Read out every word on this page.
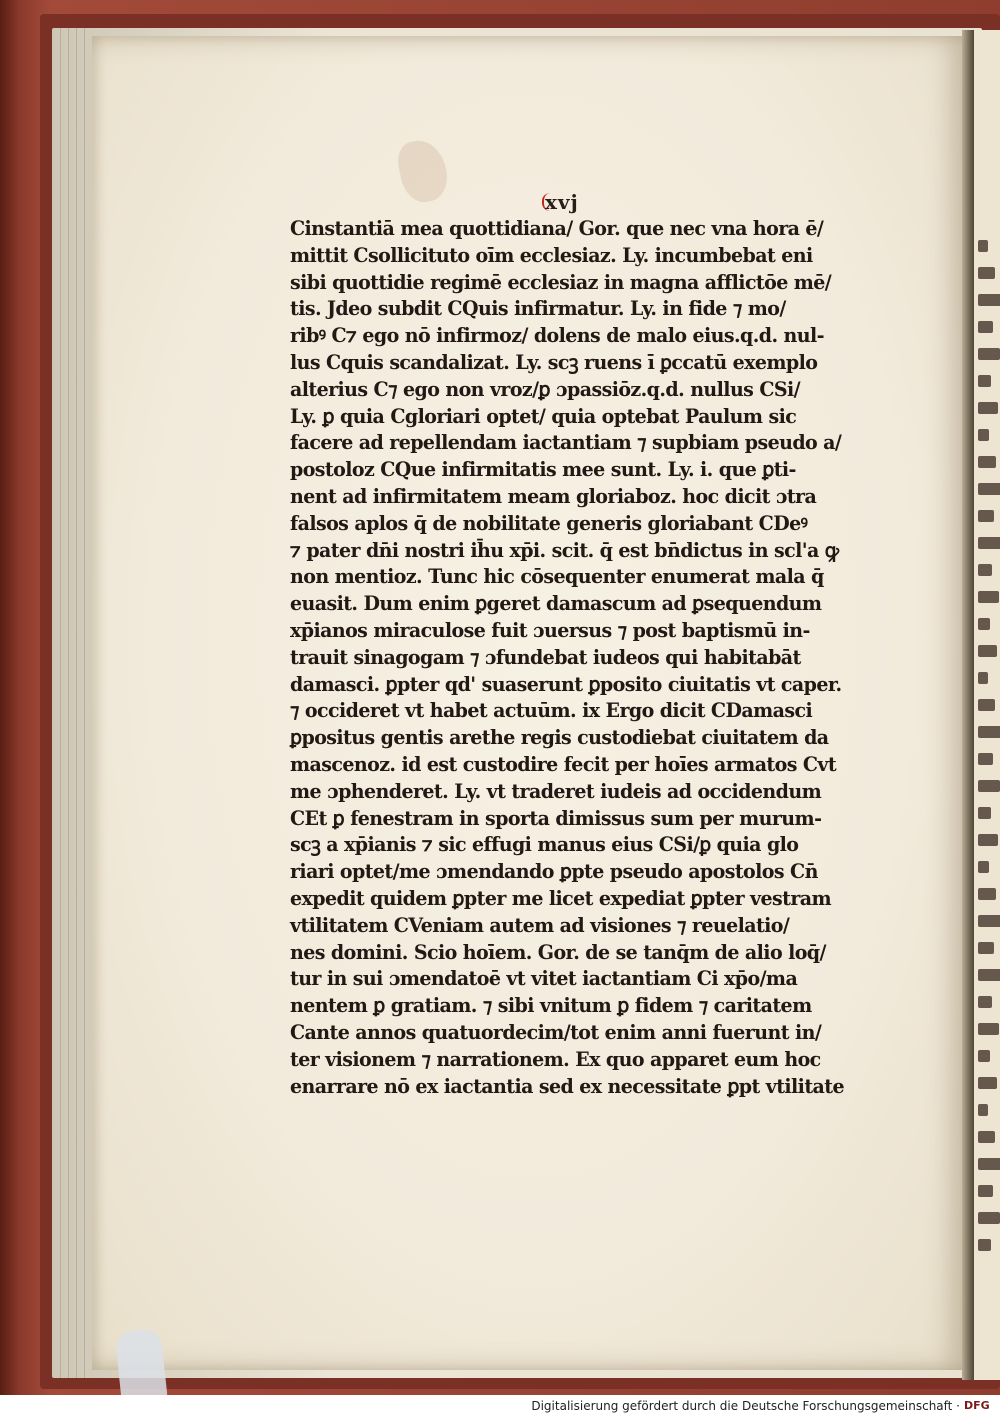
xvj
Cinstantiā mea quottidiana/ Gor. que nec vna hora ē/
mittit Csollicituto oīm ecclesiaz. Ly. incumbebat eni
sibi quottidie regimē ecclesiaz in magna afflictōe mē/
tis. Jdeo subdit CQuis infirmatur. Ly. in fide ⁊ mo/
ribꝰ C⁊ ego nō infirmoz/ dolens de malo eius.q.d. nul-
lus Cquis scandalizat. Ly. scꝫ ruens ī ꝑccatū exemplo
alterius C⁊ ego non vroz/ꝑ ɔpassiōz.q.d. nullus CSi/
Ly. ꝑ quia Cgloriari optet/ quia optebat Paulum sic
facere ad repellendam iactantiam ⁊ supbiam pseudo a/
postoloz CQue infirmitatis mee sunt. Ly. i. que ꝑti-
nent ad infirmitatem meam gloriaboz. hoc dicit ɔtra
falsos aplos q̄ de nobilitate generis gloriabant CDeꝰ
⁊ pater dn̄i nostri ih̄u xp̄i. scit. q̄ est bn̄dictus in scl'a ꝙ
non mentioz. Tunc hic cōsequenter enumerat mala q̄
euasit. Dum enim ꝑgeret damascum ad ꝑsequendum
xp̄ianos miraculose fuit ɔuersus ⁊ post baptismū in-
trauit sinagogam ⁊ ɔfundebat iudeos qui habitabāt
damasci. ꝑpter qd' suaserunt ꝑposito ciuitatis vt caper.
⁊ occideret vt habet actuūm. ix Ergo dicit CDamasci
ꝑpositus gentis arethe regis custodiebat ciuitatem da
mascenoz. id est custodire fecit per hoīes armatos Cvt
me ɔphenderet. Ly. vt traderet iudeis ad occidendum
CEt ꝑ fenestram in sporta dimissus sum per murum-
scꝫ a xp̄ianis ⁊ sic effugi manus eius CSi/ꝑ quia glo
riari optet/me ɔmendando ꝑpte pseudo apostolos Cn̄
expedit quidem ꝑpter me licet expediat ꝑpter vestram
vtilitatem CVeniam autem ad visiones ⁊ reuelatio/
nes domini. Scio hoīem. Gor. de se tanq̄m de alio loq̄/
tur in sui ɔmendatoē vt vitet iactantiam Ci xp̄o/ma
nentem ꝑ gratiam. ⁊ sibi vnitum ꝑ fidem ⁊ caritatem
Cante annos quatuordecim/tot enim anni fuerunt in/
ter visionem ⁊ narrationem. Ex quo apparet eum hoc
enarrare nō ex iactantia sed ex necessitate ꝑpt vtilitate
Digitalisierung gefördert durch die Deutsche Forschungsgemeinschaft · DFG
